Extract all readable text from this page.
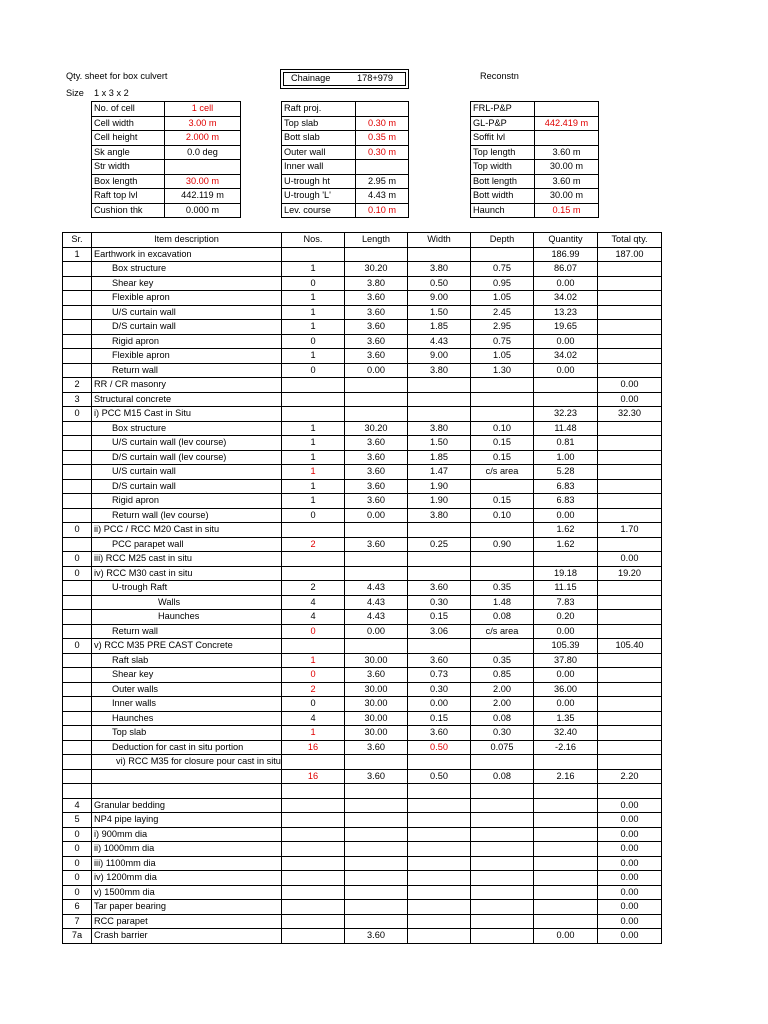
Qty. sheet for box culvert
Size 1 x 3 x 2
Chainage	178+979	Reconstn
No. of cell	1 cell
Cell width	3.00 m
Cell height	2.000 m
Sk angle	0.0 deg
Str width	
Box length	30.00 m
Raft top lvl	442.119 m
Cushion thk	0.000 m
Raft proj.	
Top slab	0.30 m
Bott slab	0.35 m
Outer wall	0.30 m
Inner wall	
U-trough ht	2.95 m
U-trough 'L'	4.43 m
Lev. course	0.10 m
FRL-P&P	
GL-P&P	442.419 m
Soffit lvl	
Top length	3.60 m
Top width	30.00 m
Bott length	3.60 m
Bott width	30.00 m
Haunch	0.15 m
Sr.	Item description	Nos.	Length	Width	Depth	Quantity	Total qty.
1	Earthwork in excavation					186.99	187.00
	Box structure	1	30.20	3.80	0.75	86.07	
	Shear key	0	3.80	0.50	0.95	0.00	
	Flexible apron	1	3.60	9.00	1.05	34.02	
	U/S curtain wall	1	3.60	1.50	2.45	13.23	
	D/S curtain wall	1	3.60	1.85	2.95	19.65	
	Rigid apron	0	3.60	4.43	0.75	0.00	
	Flexible apron	1	3.60	9.00	1.05	34.02	
	Return wall	0	0.00	3.80	1.30	0.00	
2	RR / CR masonry						0.00
3	Structural concrete						0.00
0	i) PCC M15 Cast in Situ					32.23	32.30
	Box structure	1	30.20	3.80	0.10	11.48	
	U/S curtain wall (lev course)	1	3.60	1.50	0.15	0.81	
	D/S curtain wall (lev course)	1	3.60	1.85	0.15	1.00	
	U/S curtain wall	1	3.60	1.47	c/s area	5.28	
	D/S curtain wall	1	3.60	1.90		6.83	
	Rigid apron	1	3.60	1.90	0.15	6.83	
	Return wall (lev course)	0	0.00	3.80	0.10	0.00	
0	ii) PCC / RCC M20 Cast in situ					1.62	1.70
	PCC parapet wall	2	3.60	0.25	0.90	1.62	
0	iii) RCC M25 cast in situ						0.00
0	iv) RCC M30 cast in situ					19.18	19.20
	U-trough Raft	2	4.43	3.60	0.35	11.15	
	Walls	4	4.43	0.30	1.48	7.83	
	Haunches	4	4.43	0.15	0.08	0.20	
	Return wall	0	0.00	3.06	c/s area	0.00	
0	v) RCC M35 PRE CAST Concrete					105.39	105.40
	Raft slab	1	30.00	3.60	0.35	37.80	
	Shear key	0	3.60	0.73	0.85	0.00	
	Outer walls	2	30.00	0.30	2.00	36.00	
	Inner walls	0	30.00	0.00	2.00	0.00	
	Haunches	4	30.00	0.15	0.08	1.35	
	Top slab	1	30.00	3.60	0.30	32.40	
	Deduction for cast in situ portion	16	3.60	0.50	0.075	-2.16	
	vi) RCC M35 for closure pour cast in situ						
		16	3.60	0.50	0.08	2.16	2.20

4	Granular bedding						0.00
5	NP4 pipe laying						0.00
0	i) 900mm dia						0.00
0	ii) 1000mm dia						0.00
0	iii) 1100mm dia						0.00
0	iv) 1200mm dia						0.00
0	v) 1500mm dia						0.00
6	Tar paper bearing						0.00
7	RCC parapet						0.00
7a	Crash barrier		3.60			0.00	0.00
